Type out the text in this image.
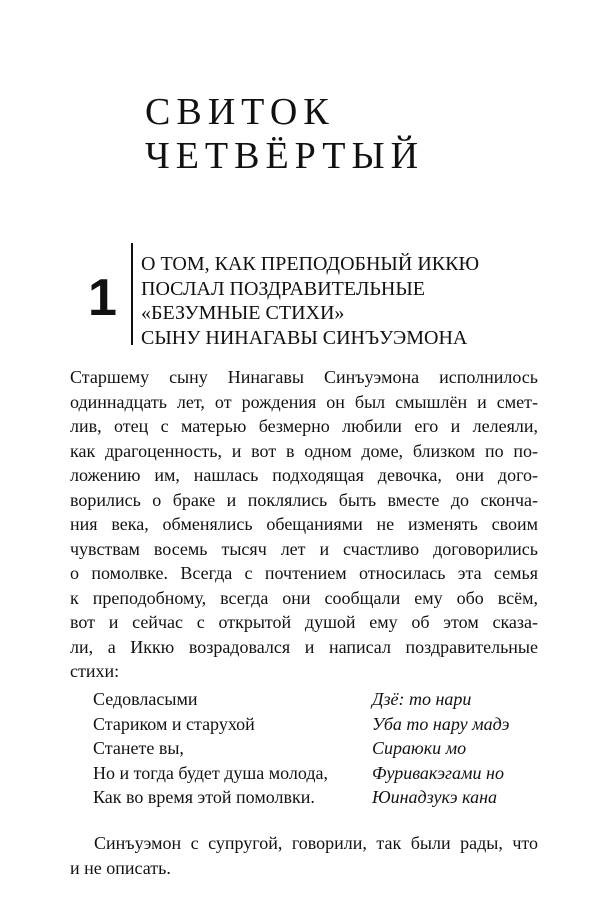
СВИТОК
ЧЕТВЁРТЫЙ
1
О ТОМ, КАК ПРЕПОДОБНЫЙ ИККЮ
ПОСЛАЛ ПОЗДРАВИТЕЛЬНЫЕ
«БЕЗУМНЫЕ СТИХИ»
СЫНУ НИНАГАВЫ СИНЪУЭМОНА
Старшему сыну Нинагавы Синъуэмона исполнилось
одиннадцать лет, от рождения он был смышлён и смет-
лив, отец с матерью безмерно любили его и лелеяли,
как драгоценность, и вот в одном доме, близком по по-
ложению им, нашлась подходящая девочка, они дого-
ворились о браке и поклялись быть вместе до скончa-
ния века, обменялись обещаниями не изменять своим
чувствам восемь тысяч лет и счастливо договорились
о помолвке. Всегда с почтением относилась эта семья
к преподобному, всегда они сообщали ему обо всём,
вот и сейчас с открытой душой ему об этом сказа-
ли, а Иккю возрадовался и написал поздравительные
стихи:
Седовласыми
Стариком и старухой
Станете вы,
Но и тогда будет душа молода,
Как во время этой помолвки.
Дзё: то нари
Уба то нару мадэ
Сираюки мо
Фуривакэгами но
Юинадзукэ кана
Синъуэмон с супругой, говорили, так были рады, что
и не описать.
